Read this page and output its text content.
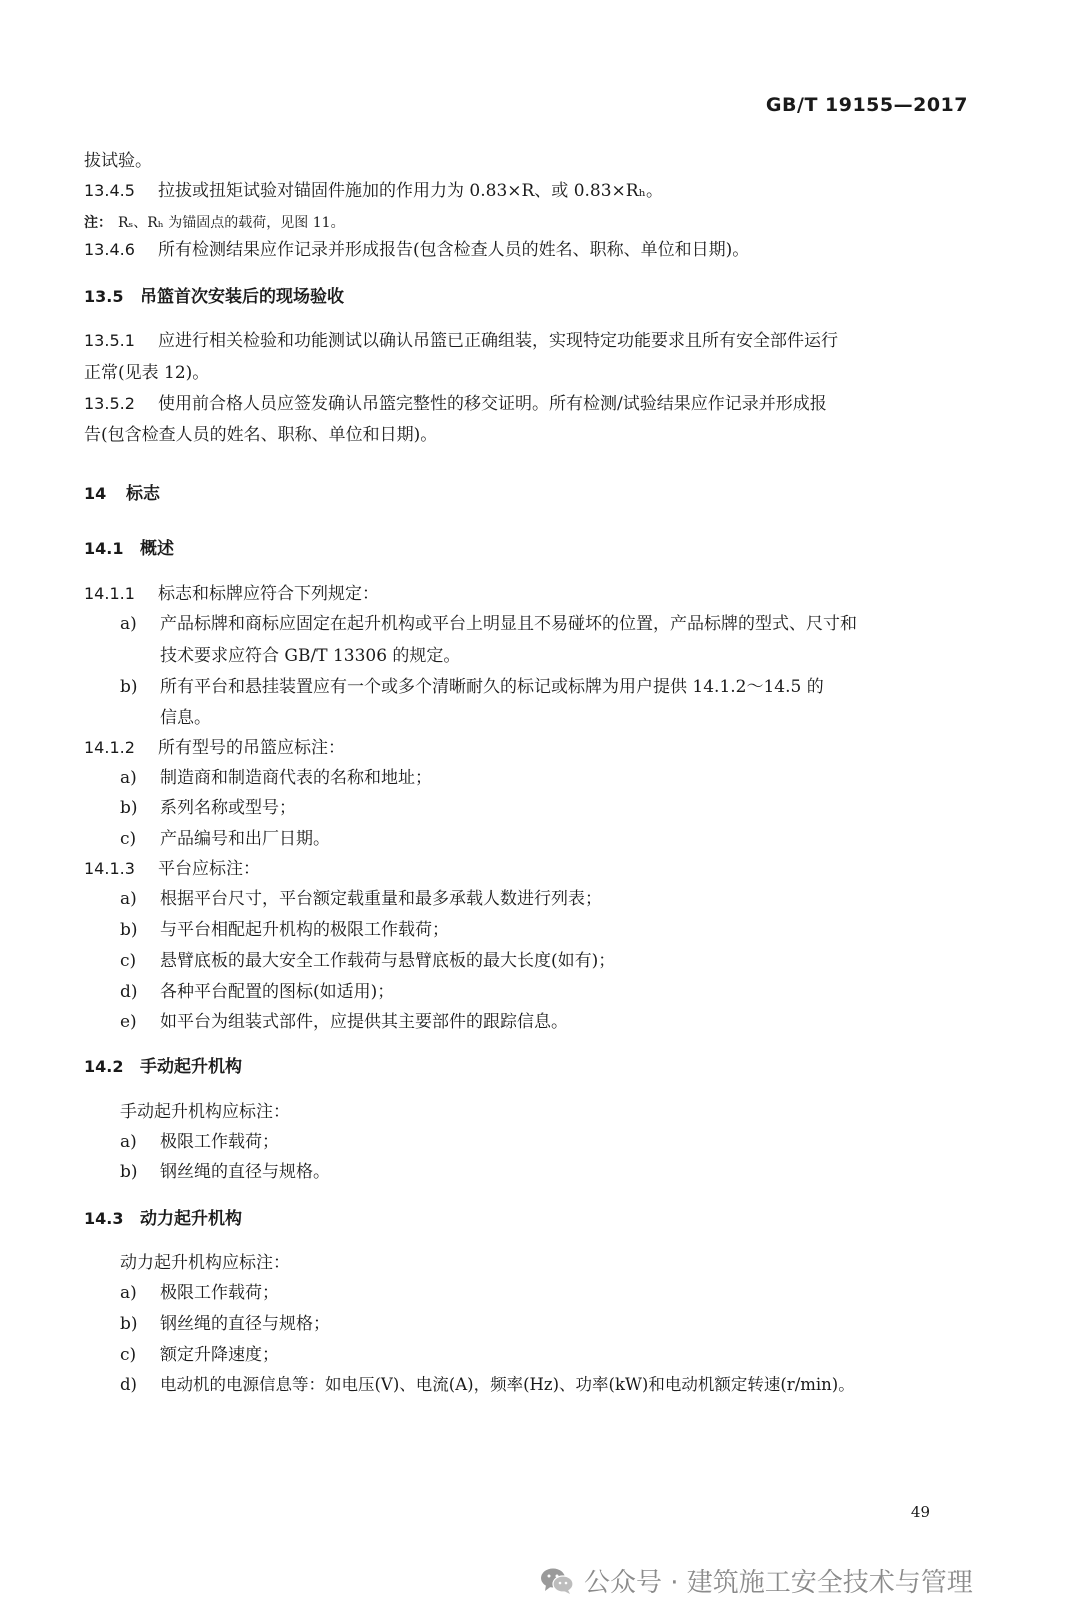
GB/T 19155—2017
拔试验。
13.4.5 拉拔或扭矩试验对锚固件施加的作用力为 0.83×R、或 0.83×Rₕ。
注： Rₛ、Rₕ 为锚固点的载荷，见图 11。
13.4.6 所有检测结果应作记录并形成报告(包含检查人员的姓名、职称、单位和日期)。
13.5 吊篮首次安装后的现场验收
13.5.1 应进行相关检验和功能测试以确认吊篮已正确组装，实现特定功能要求且所有安全部件运行
正常(见表 12)。
13.5.2 使用前合格人员应签发确认吊篮完整性的移交证明。所有检测/试验结果应作记录并形成报
告(包含检查人员的姓名、职称、单位和日期)。
14 标志
14.1 概述
14.1.1 标志和标牌应符合下列规定：
a) 产品标牌和商标应固定在起升机构或平台上明显且不易碰坏的位置，产品标牌的型式、尺寸和
技术要求应符合 GB/T 13306 的规定。
b) 所有平台和悬挂装置应有一个或多个清晰耐久的标记或标牌为用户提供 14.1.2～14.5 的
信息。
14.1.2 所有型号的吊篮应标注：
a) 制造商和制造商代表的名称和地址；
b) 系列名称或型号；
c) 产品编号和出厂日期。
14.1.3 平台应标注：
a) 根据平台尺寸，平台额定载重量和最多承载人数进行列表；
b) 与平台相配起升机构的极限工作载荷；
c) 悬臂底板的最大安全工作载荷与悬臂底板的最大长度(如有)；
d) 各种平台配置的图标(如适用)；
e) 如平台为组装式部件，应提供其主要部件的跟踪信息。
14.2 手动起升机构
手动起升机构应标注：
a) 极限工作载荷；
b) 钢丝绳的直径与规格。
14.3 动力起升机构
动力起升机构应标注：
a) 极限工作载荷；
b) 钢丝绳的直径与规格；
c) 额定升降速度；
d) 电动机的电源信息等：如电压(V)、电流(A)，频率(Hz)、功率(kW)和电动机额定转速(r/min)。
49
公众号 · 建筑施工安全技术与管理
